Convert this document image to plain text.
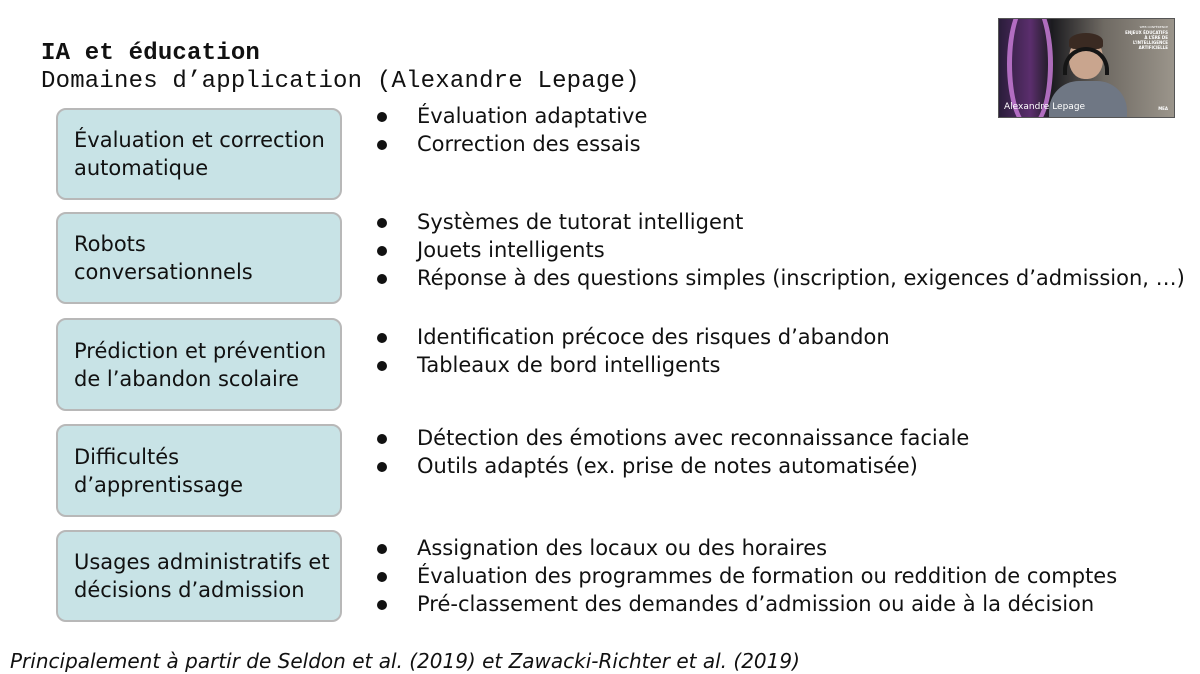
IA et éducation
Domaines d’application (Alexandre Lepage)
Évaluation et correction automatique
Évaluation adaptative
Correction des essais
Robots conversationnels
Systèmes de tutorat intelligent
Jouets intelligents
Réponse à des questions simples (inscription, exigences d’admission, …)
Prédiction et prévention de l’abandon scolaire
Identification précoce des risques d’abandon
Tableaux de bord intelligents
Difficultés d’apprentissage
Détection des émotions avec reconnaissance faciale
Outils adaptés (ex. prise de notes automatisée)
Usages administratifs et décisions d’admission
Assignation des locaux ou des horaires
Évaluation des programmes de formation ou reddition de comptes
Pré-classement des demandes d’admission ou aide à la décision
Principalement à partir de Seldon et al. (2019) et Zawacki-Richter et al. (2019)
WEB CONFÉRENCE
ENJEUX ÉDUCATIFS À L’ÈRE DE L’INTELLIGENCE ARTIFICIELLE
MEA
Alexandre Lepage
